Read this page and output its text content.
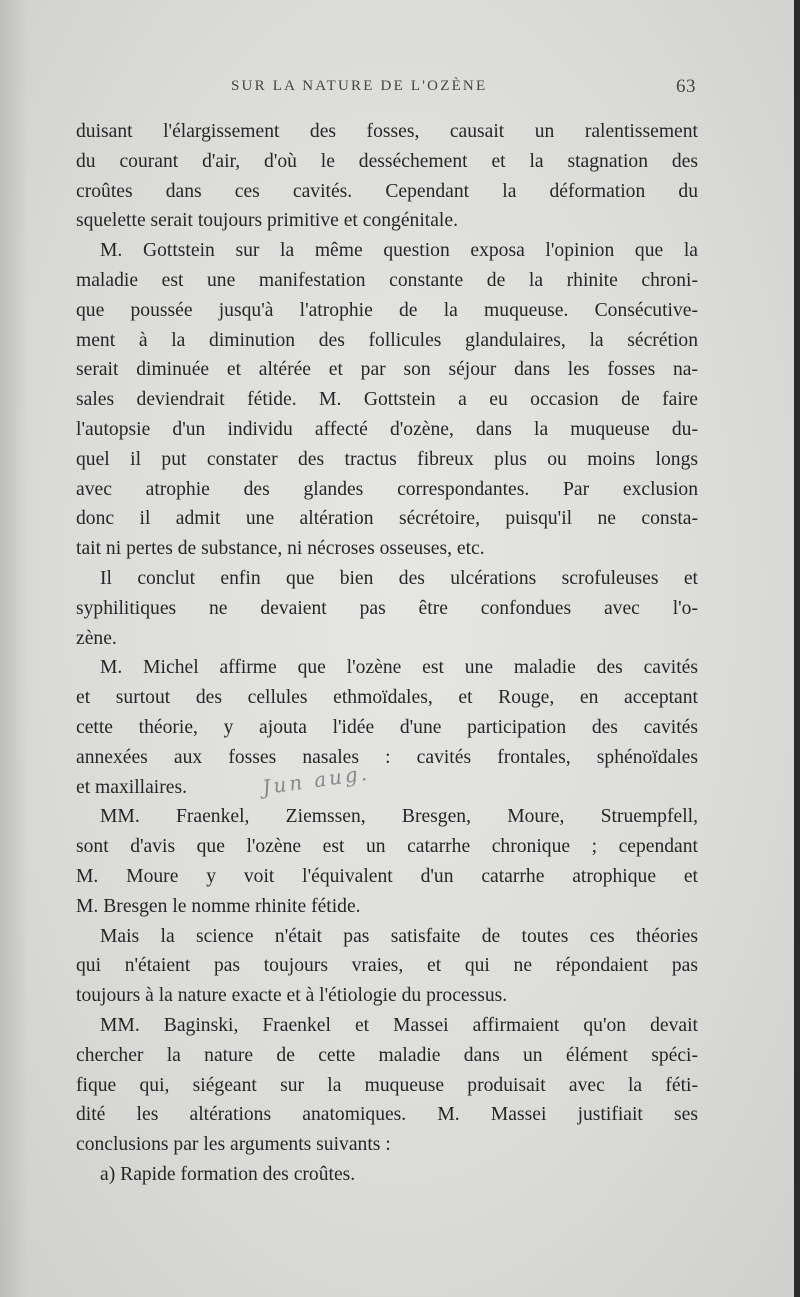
SUR LA NATURE DE L'OZÈNE	63
duisant l'élargissement des fosses, causait un ralentissement
du courant d'air, d'où le desséchement et la stagnation des
croûtes dans ces cavités. Cependant la déformation du
squelette serait toujours primitive et congénitale.
M. Gottstein sur la même question exposa l'opinion que la
maladie est une manifestation constante de la rhinite chroni-
que poussée jusqu'à l'atrophie de la muqueuse. Consécutive-
ment à la diminution des follicules glandulaires, la sécrétion
serait diminuée et altérée et par son séjour dans les fosses na-
sales deviendrait fétide. M. Gottstein a eu occasion de faire
l'autopsie d'un individu affecté d'ozène, dans la muqueuse du-
quel il put constater des tractus fibreux plus ou moins longs
avec atrophie des glandes correspondantes. Par exclusion
donc il admit une altération sécrétoire, puisqu'il ne consta-
tait ni pertes de substance, ni nécroses osseuses, etc.
Il conclut enfin que bien des ulcérations scrofuleuses et
syphilitiques ne devaient pas être confondues avec l'o-
zène.
M. Michel affirme que l'ozène est une maladie des cavités
et surtout des cellules ethmoïdales, et Rouge, en acceptant
cette théorie, y ajouta l'idée d'une participation des cavités
annexées aux fosses nasales : cavités frontales, sphénoïdales
et maxillaires.
MM. Fraenkel, Ziemssen, Bresgen, Moure, Struempfell,
sont d'avis que l'ozène est un catarrhe chronique ; cependant
M. Moure y voit l'équivalent d'un catarrhe atrophique et
M. Bresgen le nomme rhinite fétide.
Mais la science n'était pas satisfaite de toutes ces théories
qui n'étaient pas toujours vraies, et qui ne répondaient pas
toujours à la nature exacte et à l'étiologie du processus.
MM. Baginski, Fraenkel et Massei affirmaient qu'on devait
chercher la nature de cette maladie dans un élément spéci-
fique qui, siégeant sur la muqueuse produisait avec la féti-
dité les altérations anatomiques. M. Massei justifiait ses
conclusions par les arguments suivants :
a) Rapide formation des croûtes.
Jun aug.
